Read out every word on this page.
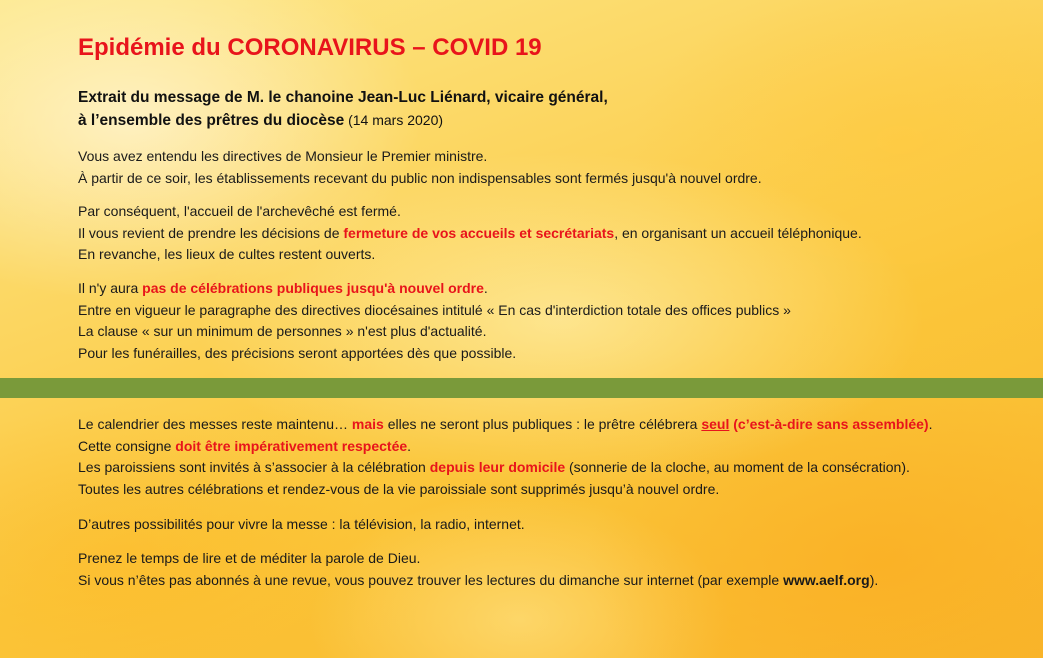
Epidémie du CORONAVIRUS – COVID 19

Extrait du message de M. le chanoine Jean-Luc Liénard, vicaire général,
à l’ensemble des prêtres du diocèse (14 mars 2020)

Vous avez entendu les directives de Monsieur le Premier ministre.
À partir de ce soir, les établissements recevant du public non indispensables sont fermés jusqu'à nouvel ordre.

Par conséquent, l'accueil de l'archevêché est fermé.
Il vous revient de prendre les décisions de fermeture de vos accueils et secrétariats, en organisant un accueil téléphonique.
En revanche, les lieux de cultes restent ouverts.

Il n'y aura pas de célébrations publiques jusqu'à nouvel ordre.
Entre en vigueur le paragraphe des directives diocésaines intitulé « En cas d'interdiction totale des offices publics »
La clause « sur un minimum de personnes » n'est plus d'actualité.
Pour les funérailles, des précisions seront apportées dès que possible.

Le calendrier des messes reste maintenu… mais elles ne seront plus publiques : le prêtre célébrera seul (c’est-à-dire sans assemblée).
Cette consigne doit être impérativement respectée.
Les paroissiens sont invités à s’associer à la célébration depuis leur domicile (sonnerie de la cloche, au moment de la consécration).
Toutes les autres célébrations et rendez-vous de la vie paroissiale sont supprimés jusqu’à nouvel ordre.

D’autres possibilités pour vivre la messe : la télévision, la radio, internet.

Prenez le temps de lire et de méditer la parole de Dieu.
Si vous n’êtes pas abonnés à une revue, vous pouvez trouver les lectures du dimanche sur internet (par exemple www.aelf.org).
